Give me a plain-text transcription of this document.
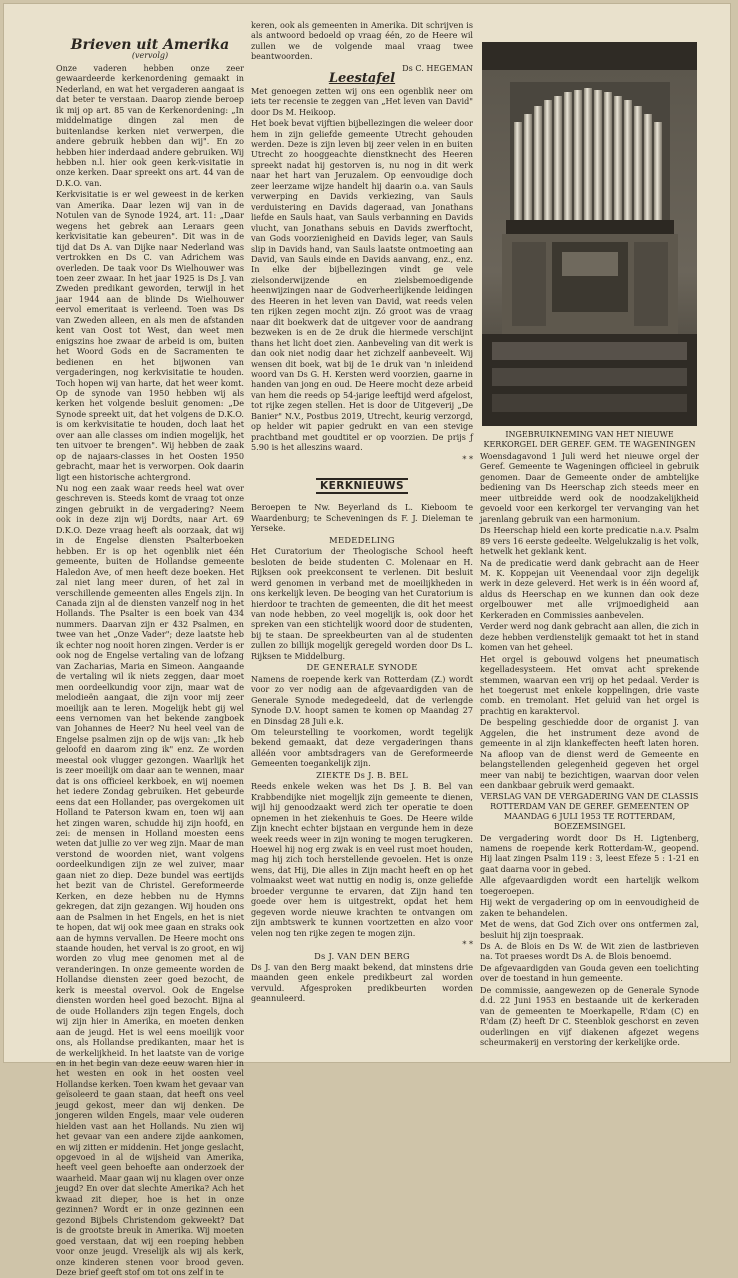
Brieven uit Amerika

(vervolg)

Onze vaderen hebben onze zeer gewaardeerde kerkenordening gemaakt in Nederland, en wat het vergaderen aangaat is dat beter te verstaan. Daarop ziende beroep ik mij op art. 85 van de Kerkenordening: „In middelmatige dingen zal men de buitenlandse kerken niet verwerpen, die andere gebruik hebben dan wij". En zo hebben hier inderdaad andere gebruiken. Wij hebben n.l. hier ook geen kerk-visitatie in onze kerken. Daar spreekt ons art. 44 van de D.K.O. van.

Kerkvisitatie is er wel geweest in de kerken van Amerika. Daar lezen wij van in de Notulen van de Synode 1924, art. 11: „Daar wegens het gebrek aan Leraars geen kerkvisitatie kan gebeuren". Dit was in de tijd dat Ds A. van Dijke naar Nederland was vertrokken en Ds C. van Adrichem was overleden. De taak voor Ds Wielhouwer was toen zeer zwaar. In het jaar 1925 is Ds J. van Zweden predikant geworden, terwijl in het jaar 1944 aan de blinde Ds Wielhouwer eervol emeritaat is verleend. Toen was Ds van Zweden alleen, en als men de afstanden kent van Oost tot West, dan weet men enigszins hoe zwaar de arbeid is om, buiten het Woord Gods en de Sacramenten te bedienen en het bijwonen van vergaderingen, nog kerkvisitatie te houden. Toch hopen wij van harte, dat het weer komt. Op de synode van 1950 hebben wij als kerken het volgende besluit genomen: „De Synode spreekt uit, dat het volgens de D.K.O. is om kerkvisitatie te houden, doch laat het over aan alle classes om indien mogelijk, het ten uitvoer te brengen". Wij hebben de zaak op de najaars-classes in het Oosten 1950 gebracht, maar het is verworpen. Ook daarin ligt een historische achtergrond.

Nu nog een zaak waar reeds heel wat over geschreven is. Steeds komt de vraag tot onze zingen gebruikt in de vergadering? Neem ook in deze zijn wij Dordts, naar Art. 69 D.K.O. Deze vraag heeft als oorzaak, dat wij in de Engelse diensten Psalterboeken hebben. Er is op het ogenblik niet één gemeente, buiten de Hollandse gemeente Haledon Ave, of men heeft deze boeken. Het zal niet lang meer duren, of het zal in verschillende gemeenten alles Engels zijn. In Canada zijn al de diensten vanzelf nog in het Hollands. The Psalter is een boek van 434 nummers. Daarvan zijn er 432 Psalmen, en twee van het „Onze Vader"; deze laatste heb ik echter nog nooit horen zingen. Verder is er ook nog de Engelse vertaling van de lofzang van Zacharias, Maria en Simeon. Aangaande de vertaling wil ik niets zeggen, daar moet men oordeelkundig voor zijn, maar wat de melodieën aangaat, die zijn voor mij zeer moeilijk aan te leren. Mogelijk hebt gij wel eens vernomen van het bekende zangboek van Johannes de Heer? Nu heel veel van de Engelse psalmen zijn op de wijs van: „Ik heb geloofd en daarom zing ik" enz. Ze worden meestal ook vlugger gezongen. Waarlijk het is zeer moeilijk om daar aan te wennen, maar dat is ons officieel kerkboek, en wij noemen het iedere Zondag gebruiken. Het gebeurde eens dat een Hollander, pas overgekomen uit Holland te Paterson kwam en, toen wij aan het zingen waren, schudde hij zijn hoofd, en zei: de mensen in Holland moesten eens weten dat jullie zo ver weg zijn. Maar de man verstond de woorden niet, want volgens oordeelkundigen zijn ze wel zuiver, maar gaan niet zo diep. Deze bundel was eertijds het bezit van de Christel. Gereformeerde Kerken, en deze hebben nu de Hymns gekregen, dat zijn gezangen. Wij houden ons aan de Psalmen in het Engels, en het is niet te hopen, dat wij ook mee gaan en straks ook aan de hymns vervallen. De Heere mocht ons staande houden, het verval is zo groot, en wij worden zo vlug mee genomen met al de veranderingen. In onze gemeente worden de Hollandse diensten zeer goed bezocht, de kerk is meestal overvol. Ook de Engelse diensten worden heel goed bezocht. Bijna al de oude Hollanders zijn tegen Engels, doch wij zijn hier in Amerika, en moeten denken aan de jeugd. Het is wel eens moeilijk voor ons, als Hollandse predikanten, maar het is de werkelijkheid. In het laatste van de vorige en in het begin van deze eeuw waren hier in het westen en ook in het oosten veel Hollandse kerken. Toen kwam het gevaar van geïsoleerd te gaan staan, dat heeft ons veel jeugd gekost, meer dan wij denken. De jongeren wilden Engels, maar vele ouderen hielden vast aan het Hollands. Nu zien wij het gevaar van een andere zijde aankomen, en wij zitten er middenin. Het jonge geslacht, opgevoed in al de wijsheid van Amerika, heeft veel geen behoefte aan onderzoek der waarheid. Maar gaan wij nu klagen over onze jeugd? En over dat slechte Amerika? Ach het kwaad zit dieper, hoe is het in onze gezinnen? Wordt er in onze gezinnen een gezond Bijbels Christendom gekweekt? Dat is de grootste breuk in Amerika. Wij moeten goed verstaan, dat wij een roeping hebben voor onze jeugd. Vreselijk als wij als kerk, onze kinderen stenen voor brood geven. Deze brief geeft stof om tot ons zelf in te

keren, ook als gemeenten in Amerika. Dit schrijven is als antwoord bedoeld op vraag één, zo de Heere wil zullen we de volgende maal vraag twee beantwoorden.

Ds C. HEGEMAN

Leestafel

Met genoegen zetten wij ons een ogenblik neer om iets ter recensie te zeggen van „Het leven van David" door Ds M. Heikoop.

Het boek bevat vijftien bijbellezingen die weleer door hem in zijn geliefde gemeente Utrecht gehouden werden. Deze is zijn leven bij zeer velen in en buiten Utrecht zo hooggeachte dienstknecht des Heeren spreekt nadat hij gestorven is, nu nog in dit werk naar het hart van Jeruzalem. Op eenvoudige doch zeer leerzame wijze handelt hij daarin o.a. van Sauls verwerping en Davids verkiezing, van Sauls verduistering en Davids dageraad, van Jonathans liefde en Sauls haat, van Sauls verbanning en Davids vlucht, van Jonathans sebuis en Davids zwerftocht, van Gods voorzienigheid en Davids leger, van Sauls slip in Davids hand, van Sauls laatste ontmoeting aan David, van Sauls einde en Davids aanvang, enz., enz. In elke der bijbellezingen vindt ge vele zielsonderwijzende en zielsbemoedigende heenwijzingen naar de Godverheerlijkende leidingen des Heeren in het leven van David, wat reeds velen ten rijken zegen mocht zijn. Zó groot was de vraag naar dit boekwerk dat de uitgever voor de aandrang bezweken is en de 2e druk die hiermede verschijnt thans het licht doet zien. Aanbeveling van dit werk is dan ook niet nodig daar het zichzelf aanbeveelt. Wij wensen dit boek, wat bij de 1e druk van 'n inleidend woord van Ds G. H. Kersten werd voorzien, gaarne in handen van jong en oud. De Heere mocht deze arbeid van hem die reeds op 54-jarige leeftijd werd afgelost, tot rijke zegen stellen. Het is door de Uitgeverij „De Banier" N.V., Postbus 2019, Utrecht, keurig verzorgd, op helder wit papier gedrukt en van een stevige prachtband met goudtitel er op voorzien. De prijs ƒ 5.90 is het alleszins waard.

* *

KERKNIEUWS

Beroepen te Nw. Beyerland ds L. Kieboom te Waardenburg; te Scheveningen ds F. J. Dieleman te Yerseke.

MEDEDELING

Het Curatorium der Theologische School heeft besloten de beide studenten C. Molenaar en H. Rijksen ook preekconsent te verlenen. Dit besluit werd genomen in verband met de moeilijkheden in ons kerkelijk leven. De beoging van het Curatorium is hierdoor te trachten de gemeenten, die dit het meest van node hebben, zo veel mogelijk is, ook door het spreken van een stichtelijk woord door de studenten, bij te staan. De spreekbeurten van al de studenten zullen zo billijk mogelijk geregeld worden door Ds L. Rijksen te Middelburg.

DE GENERALE SYNODE

Namens de roepende kerk van Rotterdam (Z.) wordt voor zo ver nodig aan de afgevaardigden van de Generale Synode medegedeeld, dat de verlengde Synode D.V. hoopt samen te komen op Maandag 27 en Dinsdag 28 Juli e.k.

Om teleurstelling te voorkomen, wordt tegelijk bekend gemaakt, dat deze vergaderingen thans alléén voor ambtsdragers van de Gereformeerde Gemeenten toegankelijk zijn.

ZIEKTE Ds J. B. BEL

Reeds enkele weken was het Ds J. B. Bel van Krabbendijke niet mogelijk zijn gemeente te dienen, wijl hij genoodzaakt werd zich ter operatie te doen opnemen in het ziekenhuis te Goes. De Heere wilde Zijn knecht echter bijstaan en vergunde hem in deze week reeds weer in zijn woning te mogen terugkeren. Hoewel hij nog erg zwak is en veel rust moet houden, mag hij zich toch herstellende gevoelen. Het is onze wens, dat Hij, Die alles in Zijn macht heeft en op het volmaakst weet wat nuttig en nodig is, onze geliefde broeder vergunne te ervaren, dat Zijn hand ten goede over hem is uitgestrekt, opdat het hem gegeven worde nieuwe krachten te ontvangen om zijn ambtswerk te kunnen voortzetten en alzo voor velen nog ten rijke zegen te mogen zijn.

* *

Ds J. VAN DEN BERG

Ds J. van den Berg maakt bekend, dat minstens drie maanden geen enkele predikbeurt zal worden vervuld. Afgesproken predikbeurten worden geannuleerd.

INGEBRUIKNEMING VAN HET NIEUWE KERKORGEL DER GEREF. GEM. TE WAGENINGEN

Woensdagavond 1 Juli werd het nieuwe orgel der Geref. Gemeente te Wageningen officieel in gebruik genomen. Daar de Gemeente onder de ambtelijke bediening van Ds Heerschap zich steeds meer en meer uitbreidde werd ook de noodzakelijkheid gevoeld voor een kerkorgel ter vervanging van het jarenlang gebruik van een harmonium.

Ds Heerschap hield een korte predicatie n.a.v. Psalm 89 vers 16 eerste gedeelte. Welgelukzalig is het volk, hetwelk het geklank kent.

Na de predicatie werd dank gebracht aan de Heer M. K. Koppejan uit Veenendaal voor zijn degelijk werk in deze geleverd. Het werk is in één woord af, aldus ds Heerschap en we kunnen dan ook deze orgelbouwer met alle vrijmoedigheid aan Kerkeraden en Commissies aanbevelen.

Verder werd nog dank gebracht aan allen, die zich in deze hebben verdienstelijk gemaakt tot het in stand komen van het geheel.

Het orgel is gebouwd volgens het pneumatisch kegelladesysteem. Het omvat acht sprekende stemmen, waarvan een vrij op het pedaal. Verder is het toegerust met enkele koppelingen, drie vaste comb. en tremolant. Het geluid van het orgel is prachtig en karaktervol.

De bespeling geschiedde door de organist J. van Aggelen, die het instrument deze avond de gemeente in al zijn klankeffecten heeft laten horen. Na afloop van de dienst werd de Gemeente en belangstellenden gelegenheid gegeven het orgel meer van nabij te bezichtigen, waarvan door velen een dankbaar gebruik werd gemaakt.

VERSLAG VAN DE VERGADERING VAN DE CLASSIS ROTTERDAM VAN DE GEREF. GEMEENTEN OP MAANDAG 6 JULI 1953 TE ROTTERDAM, BOEZEMSINGEL

De vergadering wordt door Ds H. Ligtenberg, namens de roepende kerk Rotterdam-W., geopend. Hij laat zingen Psalm 119 : 3, leest Efeze 5 : 1-21 en gaat daarna voor in gebed.

Alle afgevaardigden wordt een hartelijk welkom toegeroepen.

Hij wekt de vergadering op om in eenvoudigheid de zaken te behandelen.

Met de wens, dat God Zich over ons ontfermen zal, besluit hij zijn toespraak.

Ds A. de Blois en Ds W. de Wit zien de lastbrieven na. Tot praeses wordt Ds A. de Blois benoemd.

De afgevaardigden van Gouda geven een toelichting over de toestand in hun gemeente.

De commissie, aangewezen op de Generale Synode d.d. 22 Juni 1953 en bestaande uit de kerkeraden van de gemeenten te Moerkapelle, R'dam (C) en R'dam (Z) heeft Dr C. Steenblok geschorst en zeven ouderlingen en vijf diakenen afgezet wegens scheurmakerij en verstoring der kerkelijke orde.
